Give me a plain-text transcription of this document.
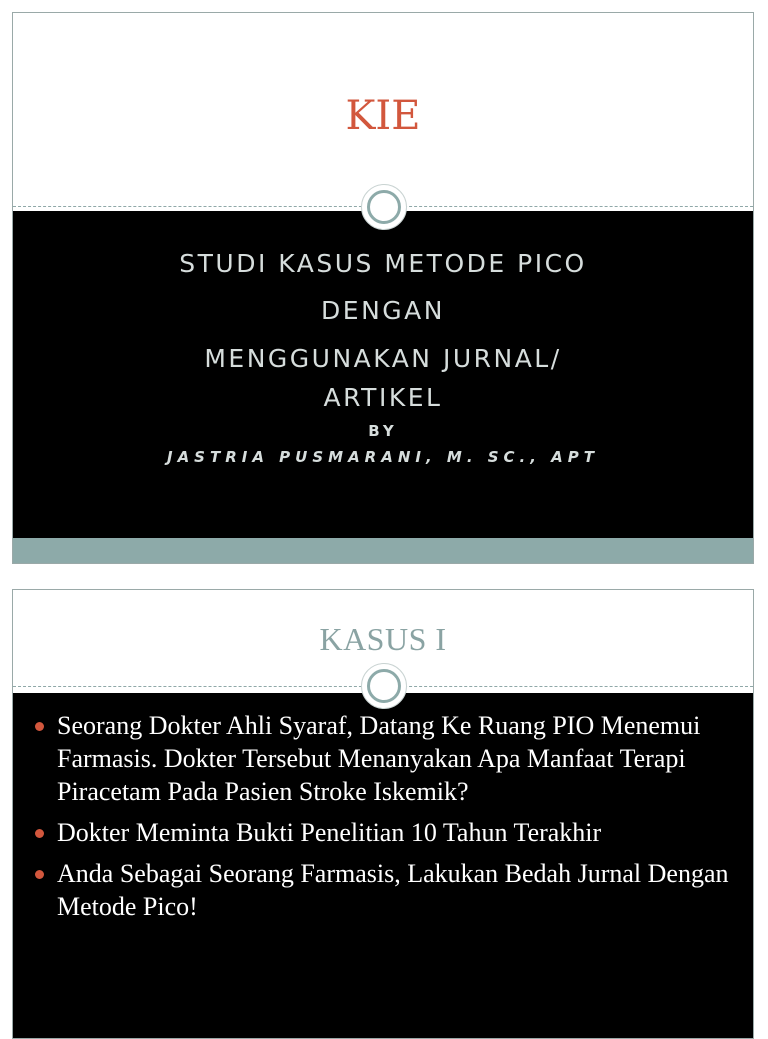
KIE
STUDI KASUS METODE PICO
DENGAN
MENGGUNAKAN JURNAL/
ARTIKEL
BY
JASTRIA PUSMARANI, M. SC., APT
KASUS I
Seorang Dokter Ahli Syaraf, Datang Ke Ruang PIO Menemui Farmasis. Dokter Tersebut Menanyakan Apa Manfaat Terapi Piracetam Pada Pasien Stroke Iskemik?
Dokter Meminta Bukti Penelitian 10 Tahun Terakhir
Anda Sebagai Seorang Farmasis, Lakukan Bedah Jurnal Dengan Metode Pico!
